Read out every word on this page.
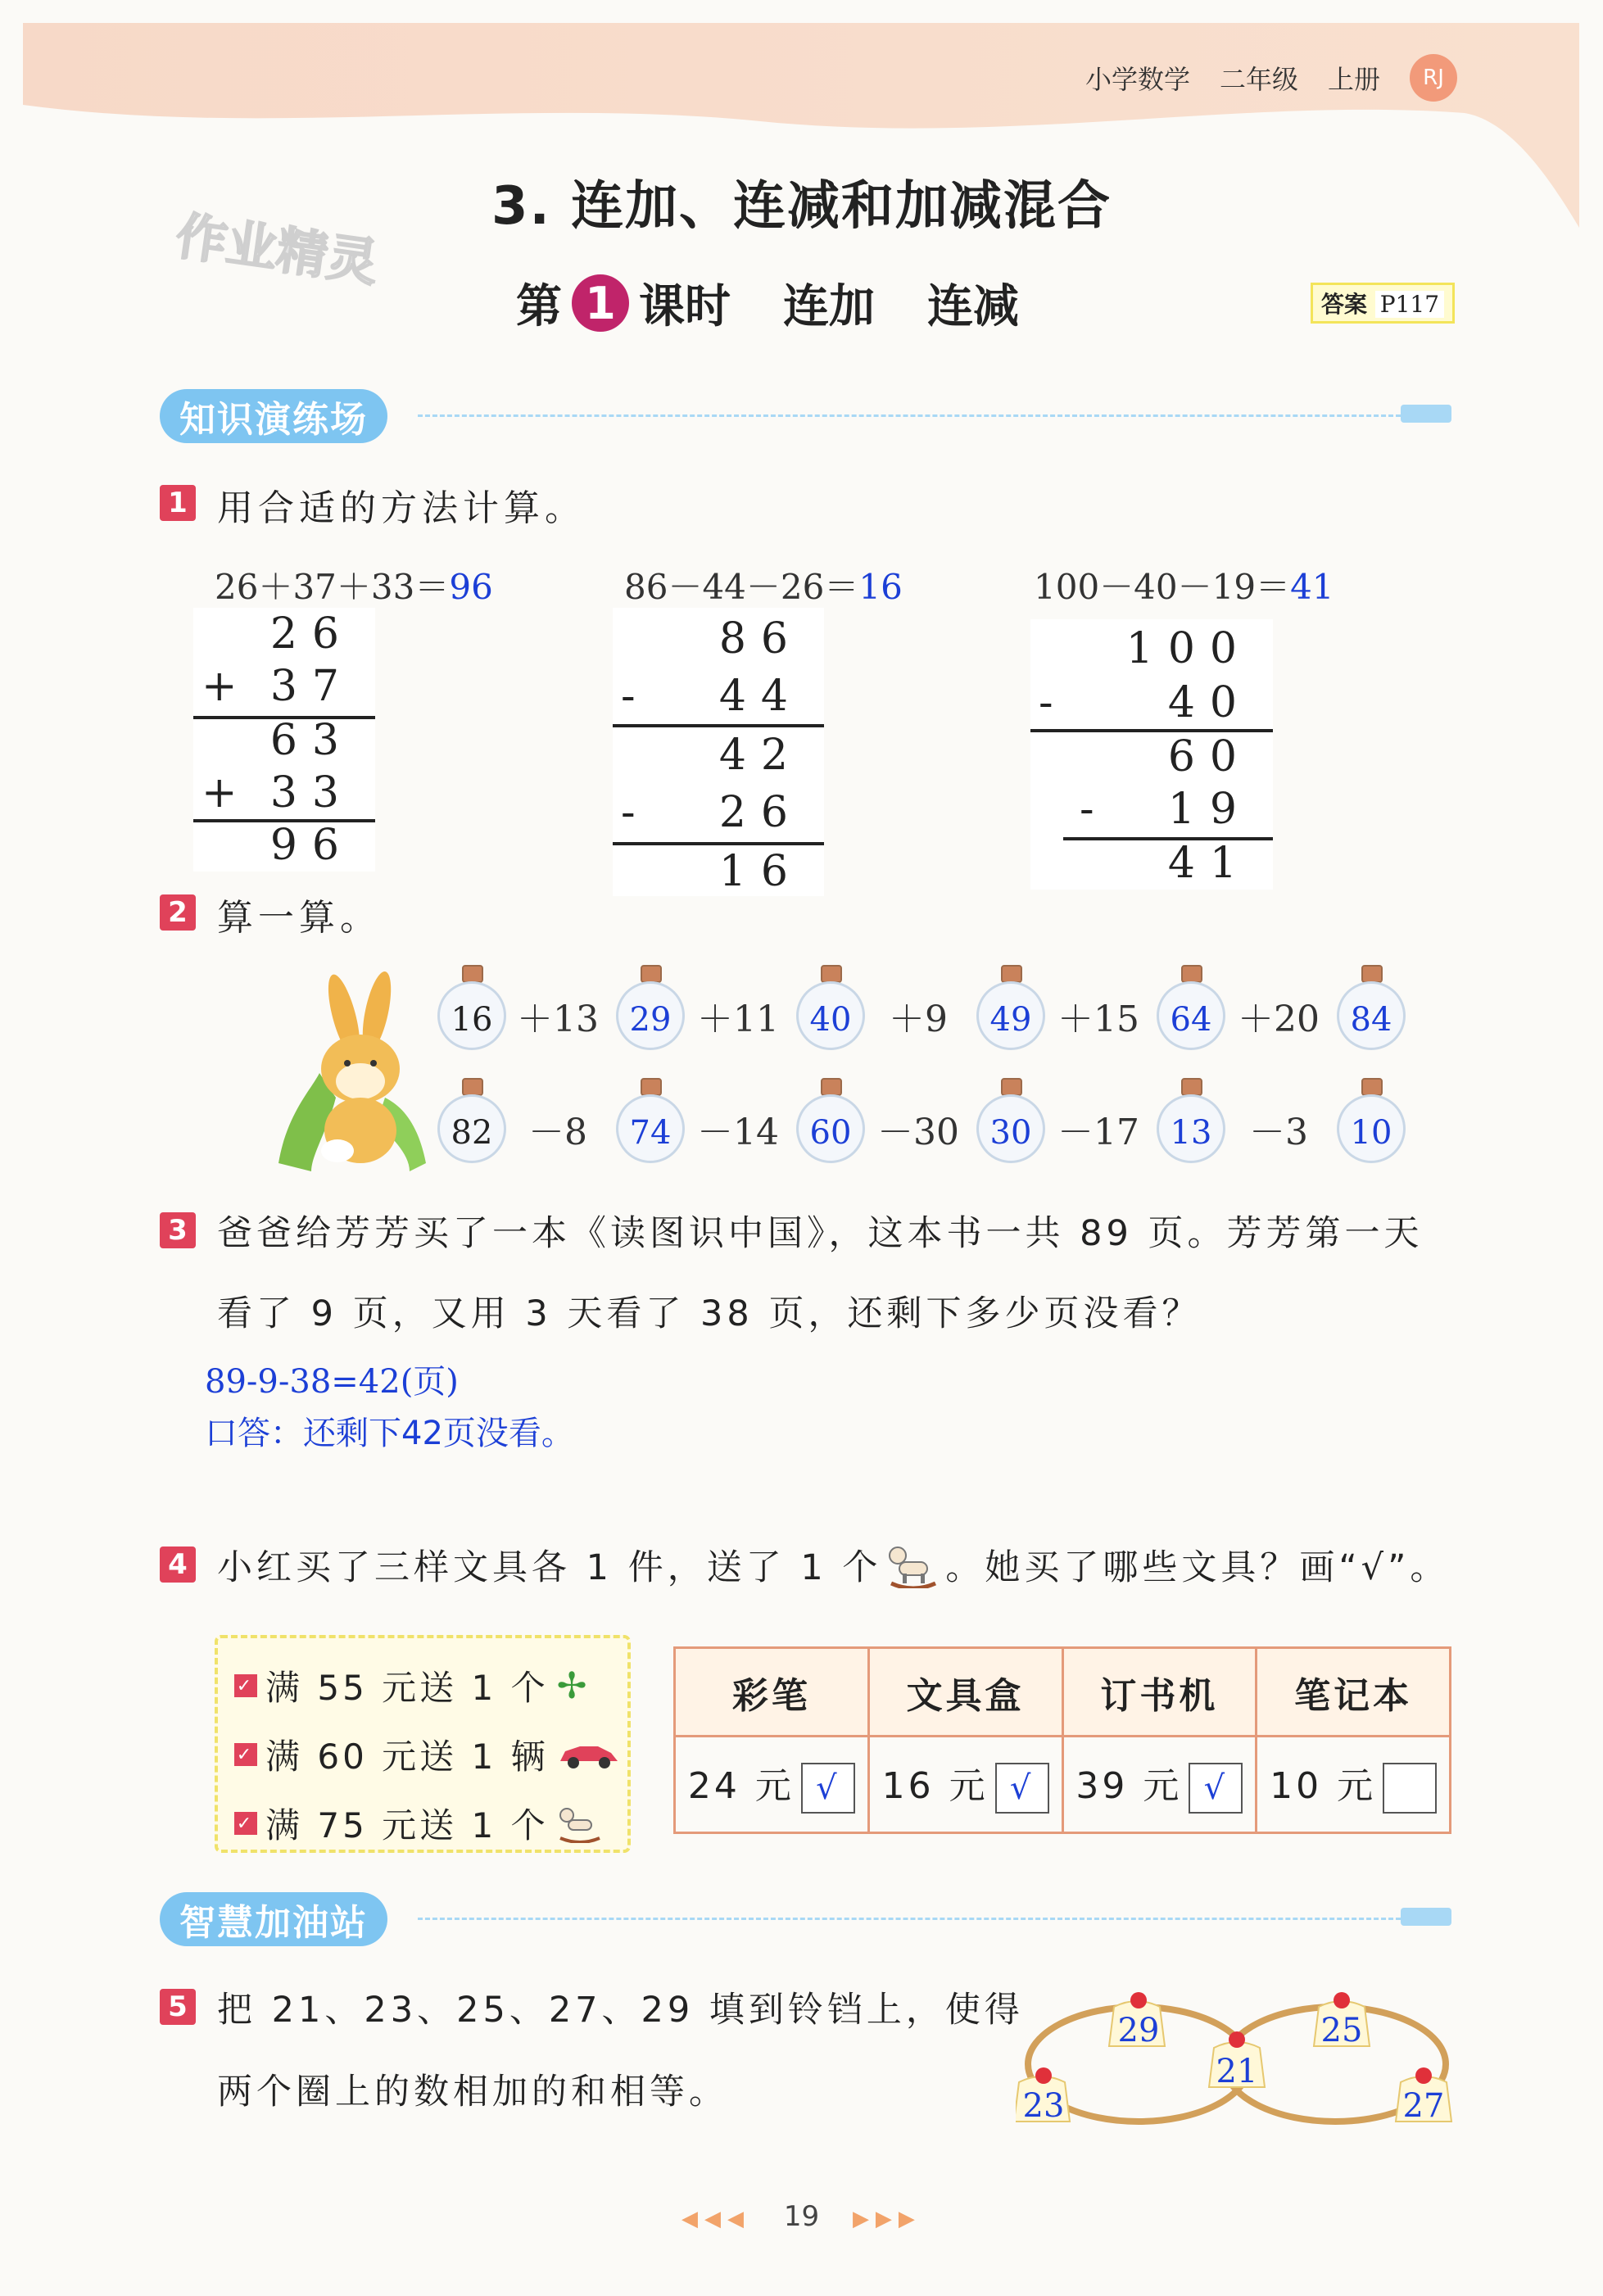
小学数学 二年级 上册	RJ
作业精灵	3. 连加、连减和加减混合
第 1 课时 连加 连减	答案 P117
知识演练场
1 用合适的方法计算。
26＋37＋33＝96	86－44－26＝16	100－40－19＝41
26
+ 37
63
+ 33
96
86
- 44
42
- 26
16
100
-	40
60
- 19
41
2 算一算。
16 ＋13 29 ＋11 40	＋9	49 ＋15 64 ＋20 84
82 －8	74 －14 60 －30 30 －17 13	－3	10
3 爸爸给芳芳买了一本《读图识中国》，这本书一共 89 页。芳芳第一天
看了 9 页，又用 3 天看了 38 页，还剩下多少页没看？
89-9-38=42(页)
口答：还剩下42页没看。
4 小红买了三样文具各 1 件，送了 1 个 。她买了哪些文具？画“√”。
✓ 满 55 元送 1 个 ✢
✓ 满 60 元送 1 辆
✓ 满 75 元送 1 个
彩笔	文具盒	订书机	笔记本
24 元 √	16 元 √	39 元 √	10 元
智慧加油站
5 把 21、23、25、27、29 填到铃铛上，使得
两个圈上的数相加的和相等。
29	25
21
23	27
◀◀◀ 19 ▶▶▶
